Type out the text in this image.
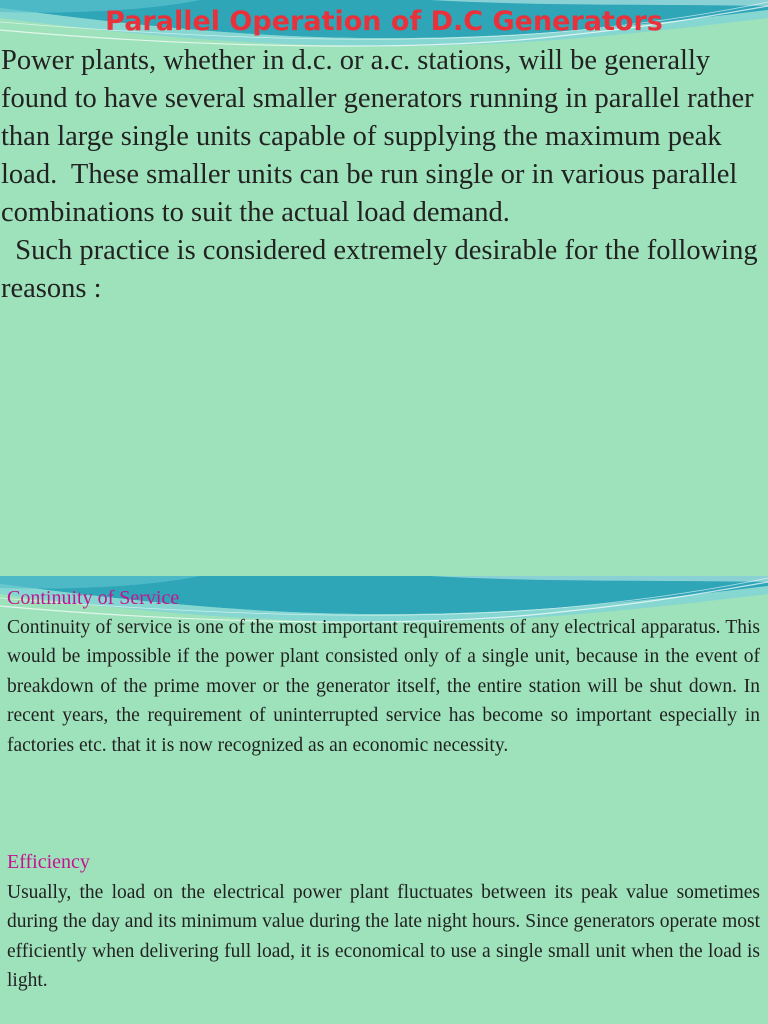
Parallel Operation of D.C Generators

Power plants, whether in d.c. or a.c. stations, will be generally found to have several smaller generators running in parallel rather than large single units capable of supplying the maximum peak load.  These smaller units can be run single or in various parallel combinations to suit the actual load demand.
Such practice is considered extremely desirable for the following reasons :

Continuity of Service

Continuity of service is one of the most important requirements of any electrical apparatus. This would be impossible if the power plant consisted only of a single unit, because in the event of breakdown of the prime mover or the generator itself, the entire station will be shut down. In recent years, the requirement of uninterrupted service has become so important especially in factories etc. that it is now recognized as an economic necessity.

Efficiency

Usually, the load on the electrical power plant fluctuates between its peak value sometimes during the day and its minimum value during the late night hours. Since generators operate most efficiently when delivering full load, it is economical to use a single small unit when the load is light.
